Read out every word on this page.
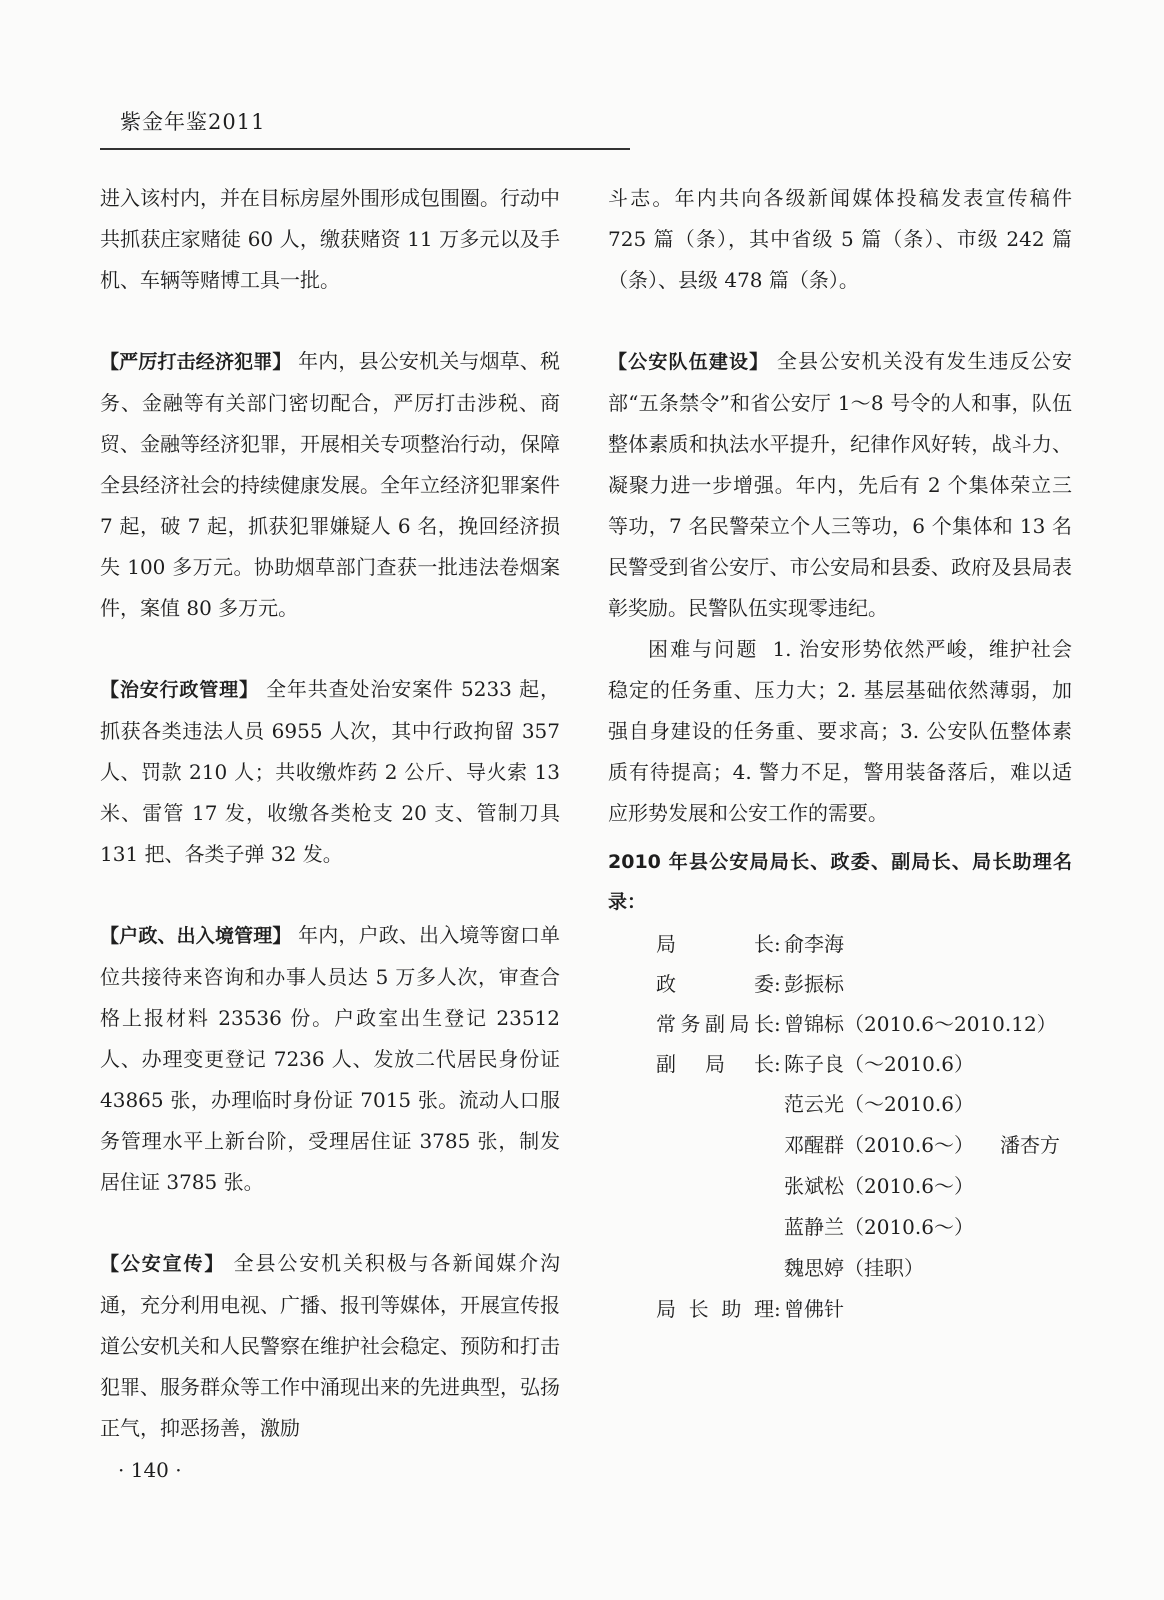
紫金年鉴2011

进入该村内，并在目标房屋外围形成包围圈。行动中共抓获庄家赌徒 60 人，缴获赌资 11 万多元以及手机、车辆等赌博工具一批。

【严厉打击经济犯罪】 年内，县公安机关与烟草、税务、金融等有关部门密切配合，严厉打击涉税、商贸、金融等经济犯罪，开展相关专项整治行动，保障全县经济社会的持续健康发展。全年立经济犯罪案件 7 起，破 7 起，抓获犯罪嫌疑人 6 名，挽回经济损失 100 多万元。协助烟草部门查获一批违法卷烟案件，案值 80 多万元。

【治安行政管理】 全年共查处治安案件 5233 起，抓获各类违法人员 6955 人次，其中行政拘留 357 人、罚款 210 人；共收缴炸药 2 公斤、导火索 13 米、雷管 17 发，收缴各类枪支 20 支、管制刀具 131 把、各类子弹 32 发。

【户政、出入境管理】 年内，户政、出入境等窗口单位共接待来咨询和办事人员达 5 万多人次，审查合格上报材料 23536 份。户政室出生登记 23512 人、办理变更登记 7236 人、发放二代居民身份证 43865 张，办理临时身份证 7015 张。流动人口服务管理水平上新台阶，受理居住证 3785 张，制发居住证 3785 张。

【公安宣传】 全县公安机关积极与各新闻媒介沟通，充分利用电视、广播、报刊等媒体，开展宣传报道公安机关和人民警察在维护社会稳定、预防和打击犯罪、服务群众等工作中涌现出来的先进典型，弘扬正气，抑恶扬善，激励

斗志。年内共向各级新闻媒体投稿发表宣传稿件 725 篇（条），其中省级 5 篇（条）、市级 242 篇（条）、县级 478 篇（条）。

【公安队伍建设】 全县公安机关没有发生违反公安部“五条禁令”和省公安厅 1～8 号令的人和事，队伍整体素质和执法水平提升，纪律作风好转，战斗力、凝聚力进一步增强。年内，先后有 2 个集体荣立三等功，7 名民警荣立个人三等功，6 个集体和 13 名民警受到省公安厅、市公安局和县委、政府及县局表彰奖励。民警队伍实现零违纪。

困难与问题 1. 治安形势依然严峻，维护社会稳定的任务重、压力大；2. 基层基础依然薄弱，加强自身建设的任务重、要求高；3. 公安队伍整体素质有待提高；4. 警力不足，警用装备落后，难以适应形势发展和公安工作的需要。

2010 年县公安局局长、政委、副局长、局长助理名录：
局长 : 俞李海
政委 : 彭振标
常务副局长 : 曾锦标（2010.6～2010.12）
副局长 : 陈子良（～2010.6）
范云光（～2010.6）
邓醒群（2010.6～） 潘杏方
张斌松（2010.6～）
蓝静兰（2010.6～）
魏思婷（挂职）
局长助理 : 曾佛针
· 140 ·
